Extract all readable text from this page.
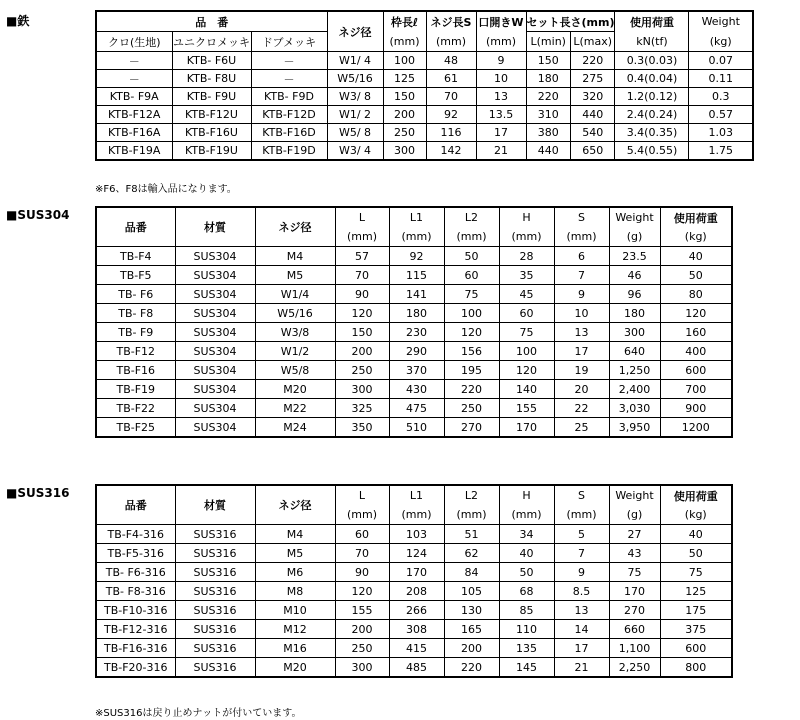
■鉄	品　番			ネジ径	枠長ℓ	ネジ長S	口開きW	セット長さ(mm)		使用荷重	Weight
クロ(生地)	ユニクロメッキ	ドブメッキ		(mm)	(mm)	(mm)	L(min)	L(max)	kN(tf)	(kg)
－	KTB- F6U	－	W1/ 4	100	48	9	150	220	0.3(0.03)	0.07
－	KTB- F8U	－	W5/16	125	61	10	180	275	0.4(0.04)	0.11
KTB- F9A	KTB- F9U	KTB- F9D	W3/ 8	150	70	13	220	320	1.2(0.12)	0.3
KTB-F12A	KTB-F12U	KTB-F12D	W1/ 2	200	92	13.5	310	440	2.4(0.24)	0.57
KTB-F16A	KTB-F16U	KTB-F16D	W5/ 8	250	116	17	380	540	3.4(0.35)	1.03
KTB-F19A	KTB-F19U	KTB-F19D	W3/ 4	300	142	21	440	650	5.4(0.55)	1.75
※F6、F8は輸入品になります。
■SUS304
品番	材質	ネジ径	L	L1	L2	H	S	Weight	使用荷重
			(mm)	(mm)	(mm)	(mm)	(mm)	(g)	(kg)
TB-F4	SUS304	M4	57	92	50	28	6	23.5	40
TB-F5	SUS304	M5	70	115	60	35	7	46	50
TB- F6	SUS304	W1/4	90	141	75	45	9	96	80
TB- F8	SUS304	W5/16	120	180	100	60	10	180	120
TB- F9	SUS304	W3/8	150	230	120	75	13	300	160
TB-F12	SUS304	W1/2	200	290	156	100	17	640	400
TB-F16	SUS304	W5/8	250	370	195	120	19	1,250	600
TB-F19	SUS304	M20	300	430	220	140	20	2,400	700
TB-F22	SUS304	M22	325	475	250	155	22	3,030	900
TB-F25	SUS304	M24	350	510	270	170	25	3,950	1200
■SUS316
品番	材質	ネジ径	L	L1	L2	H	S	Weight	使用荷重
			(mm)	(mm)	(mm)	(mm)	(mm)	(g)	(kg)
TB-F4-316	SUS316	M4	60	103	51	34	5	27	40
TB-F5-316	SUS316	M5	70	124	62	40	7	43	50
TB- F6-316	SUS316	M6	90	170	84	50	9	75	75
TB- F8-316	SUS316	M8	120	208	105	68	8.5	170	125
TB-F10-316	SUS316	M10	155	266	130	85	13	270	175
TB-F12-316	SUS316	M12	200	308	165	110	14	660	375
TB-F16-316	SUS316	M16	250	415	200	135	17	1,100	600
TB-F20-316	SUS316	M20	300	485	220	145	21	2,250	800
※SUS316は戻り止めナットが付いています。
